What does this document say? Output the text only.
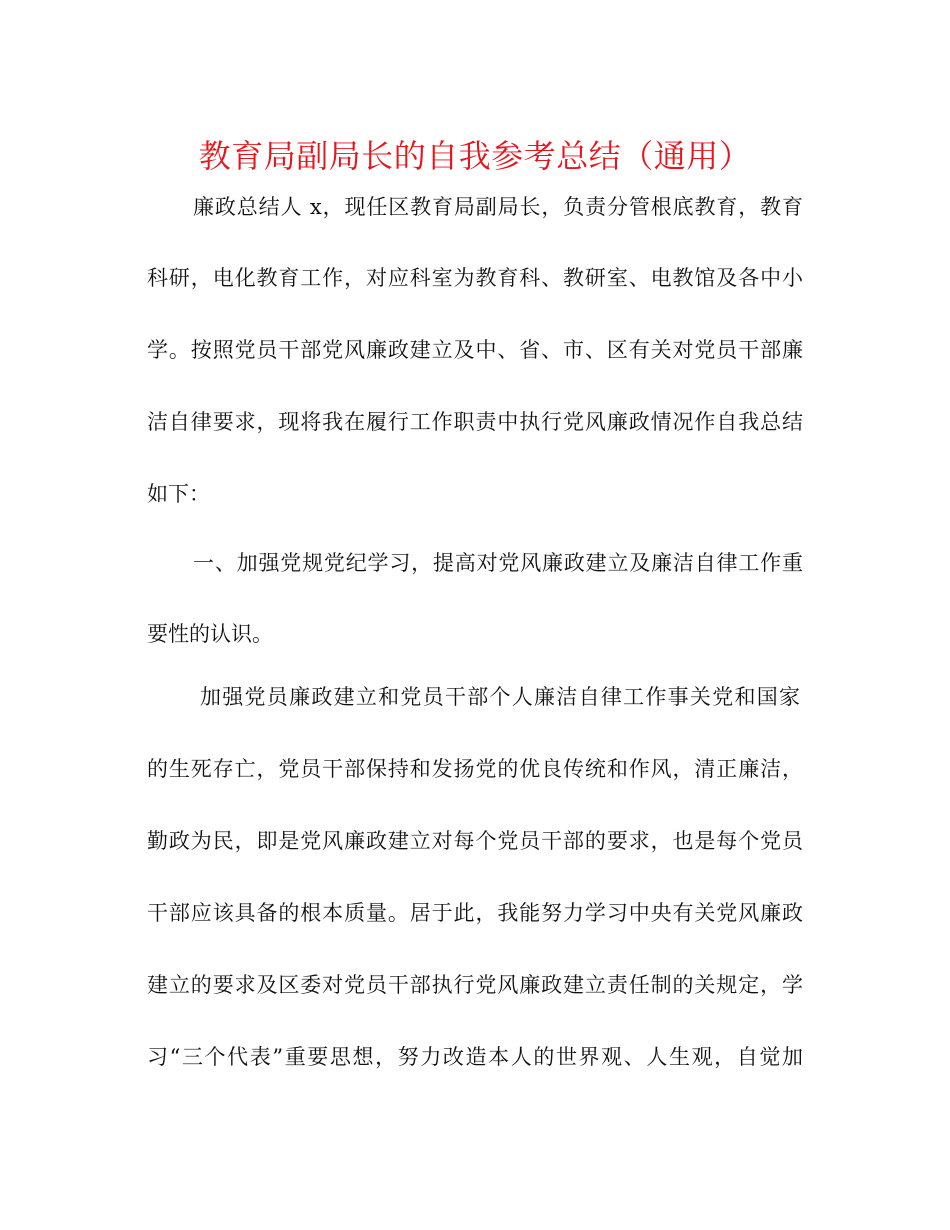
教育局副局长的自我参考总结（通用）
廉政总结人 x，现任区教育局副局长，负责分管根底教育，教育
科研，电化教育工作，对应科室为教育科、教研室、电教馆及各中小
学。按照党员干部党风廉政建立及中、省、市、区有关对党员干部廉
洁自律要求，现将我在履行工作职责中执行党风廉政情况作自我总结
如下：
一、加强党规党纪学习，提高对党风廉政建立及廉洁自律工作重
要性的认识。
加强党员廉政建立和党员干部个人廉洁自律工作事关党和国家
的生死存亡，党员干部保持和发扬党的优良传统和作风，清正廉洁，
勤政为民，即是党风廉政建立对每个党员干部的要求，也是每个党员
干部应该具备的根本质量。居于此，我能努力学习中央有关党风廉政
建立的要求及区委对党员干部执行党风廉政建立责任制的关规定，学
习“三个代表”重要思想，努力改造本人的世界观、人生观，自觉加
